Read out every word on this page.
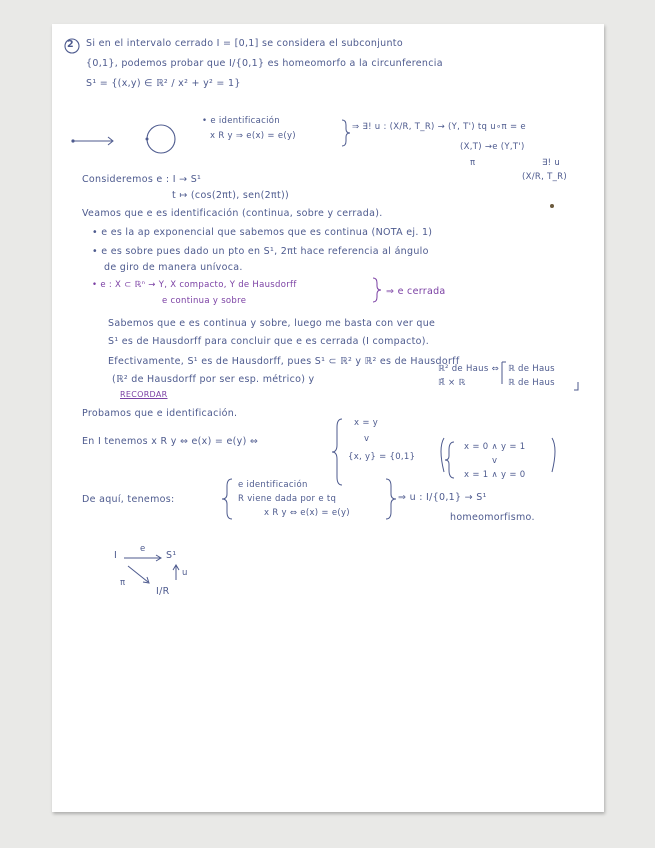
2 Si en el intervalo cerrado I = [0,1] se considera el subconjunto

{0,1}, podemos probar que I/{0,1} es homeomorfo a la circunferencia

S¹ = {(x,y) ∈ ℝ² / x² + y² = 1}

• e identificación

x R y ⇒ e(x) = e(y)

⇒ ∃! u : (X/R, T_R) → (Y, T') tq u∘π = e

(X,T) →e (Y,T')

π	∃! u

(X/R, T_R)

Consideremos e : I → S¹

t ↦ (cos(2πt), sen(2πt))

Veamos que e es identificación (continua, sobre y cerrada).

• e es la ap exponencial que sabemos que es continua (NOTA ej. 1)

• e es sobre pues dado un pto en S¹, 2πt hace referencia al ángulo

de giro de manera unívoca.

• e : X ⊂ ℝⁿ → Y, X compacto, Y de Hausdorff

e continua y sobre

⇒ e cerrada

Sabemos que e es continua y sobre, luego me basta con ver que

S¹ es de Hausdorff para concluir que e es cerrada (I compacto).

Efectivamente, S¹ es de Hausdorff, pues S¹ ⊂ ℝ² y ℝ² es de Hausdorff

(ℝ² de Hausdorff por ser esp. métrico) y

ℝ² de Haus ⇔

ℝ̃ × ℝ

ℝ de Haus

ℝ de Haus

RECORDAR

Probamos que e identificación.

En I tenemos x R y ⇔ e(x) = e(y) ⇔

x = y

v

{x, y} = {0,1}

x = 0 ∧ y = 1

v

x = 1 ∧ y = 0

De aquí, tenemos:

e identificación

R viene dada por e tq

x R y ⇔ e(x) = e(y)

⇒ u : I/{0,1} → S¹

homeomorfismo.

I

e

S¹

π

u

I/R
